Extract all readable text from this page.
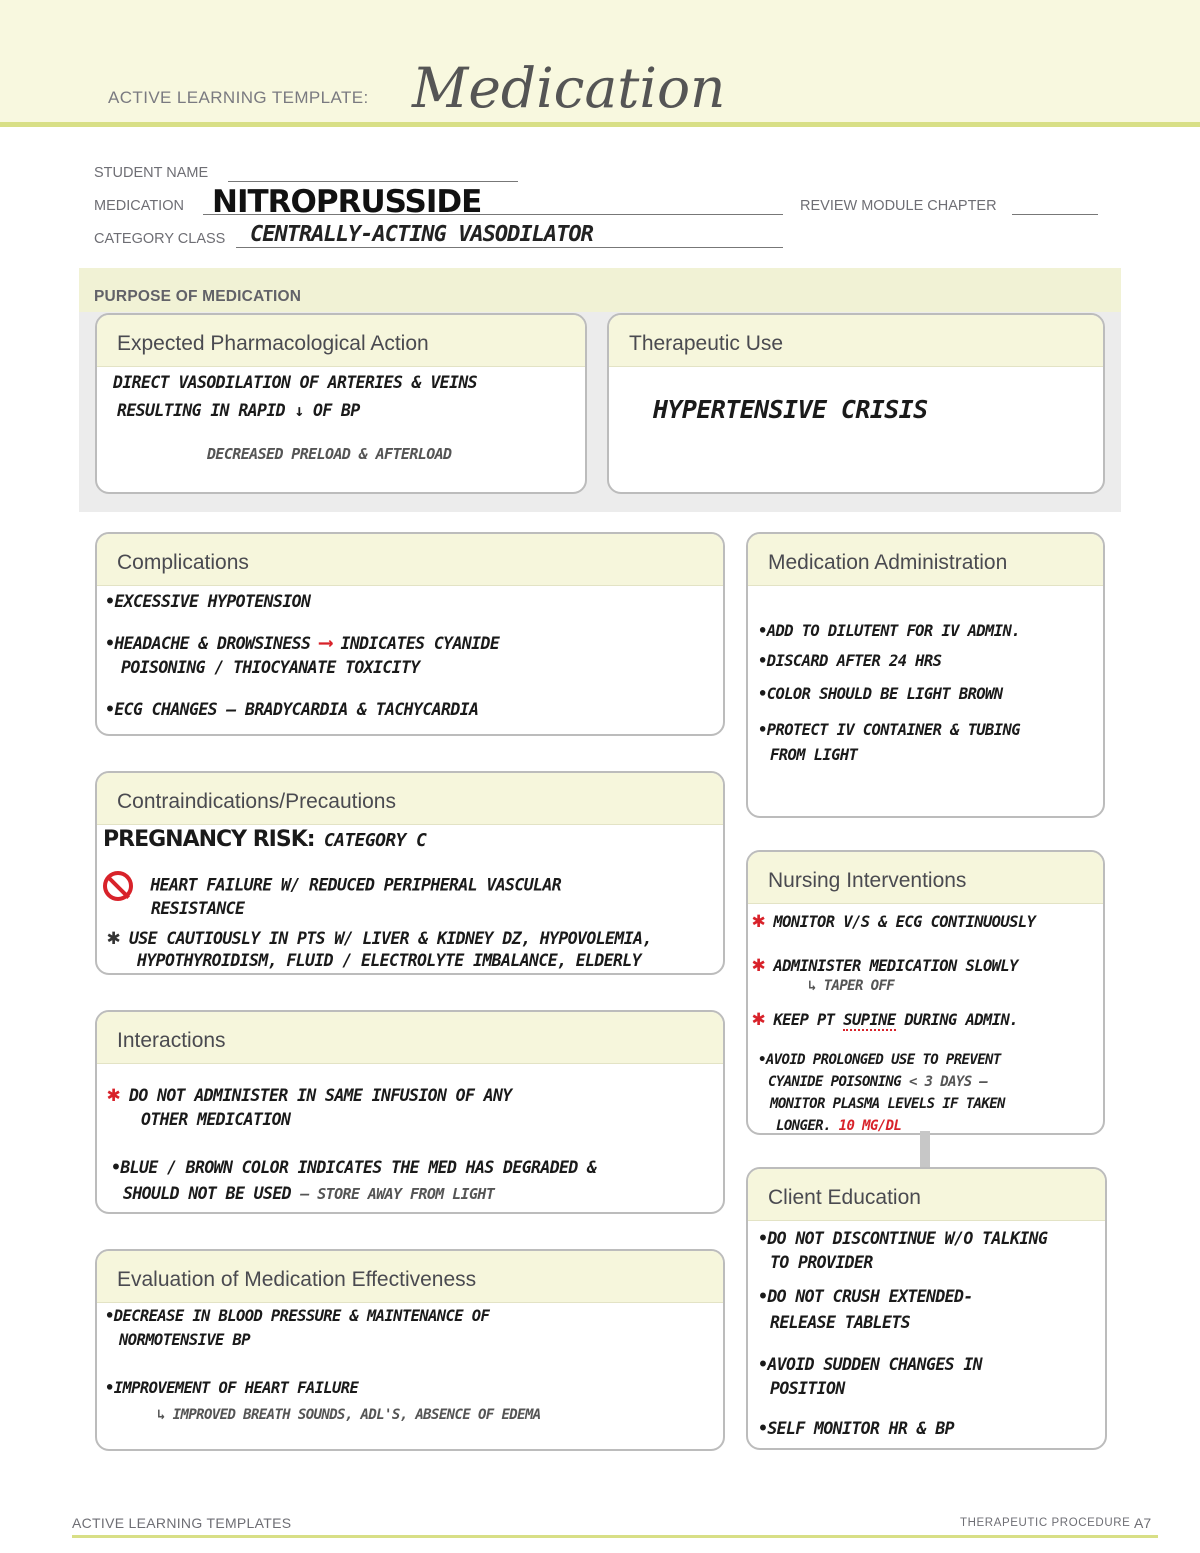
ACTIVE LEARNING TEMPLATE: Medication
STUDENT NAME
MEDICATION NITROPRUSSIDE	REVIEW MODULE CHAPTER
CATEGORY CLASS CENTRALLY-ACTING VASODILATOR
PURPOSE OF MEDICATION
Expected Pharmacological Action
DIRECT VASODILATION OF ARTERIES & VEINS
RESULTING IN RAPID ↓ OF BP
DECREASED PRELOAD & AFTERLOAD
Therapeutic Use
HYPERTENSIVE CRISIS
Complications
•EXCESSIVE HYPOTENSION
•HEADACHE & DROWSINESS ⟶ INDICATES CYANIDE
POISONING / THIOCYANATE TOXICITY
•ECG CHANGES — BRADYCARDIA & TACHYCARDIA
Medication Administration
•ADD TO DILUTENT FOR IV ADMIN.
•DISCARD AFTER 24 HRS
•COLOR SHOULD BE LIGHT BROWN
•PROTECT IV CONTAINER & TUBING
FROM LIGHT
Contraindications/Precautions
PREGNANCY RISK: CATEGORY C
HEART FAILURE W/ REDUCED PERIPHERAL VASCULAR
RESISTANCE
✱ USE CAUTIOUSLY IN PTS W/ LIVER & KIDNEY DZ, HYPOVOLEMIA,
HYPOTHYROIDISM, FLUID / ELECTROLYTE IMBALANCE, ELDERLY
Nursing Interventions
✱ MONITOR V/S & ECG CONTINUOUSLY
✱ ADMINISTER MEDICATION SLOWLY
↳ TAPER OFF
✱ KEEP PT SUPINE DURING ADMIN.
•AVOID PROLONGED USE TO PREVENT
CYANIDE POISONING < 3 DAYS —
MONITOR PLASMA LEVELS IF TAKEN
LONGER. 10 MG/DL
Interactions
✱ DO NOT ADMINISTER IN SAME INFUSION OF ANY
OTHER MEDICATION
•BLUE / BROWN COLOR INDICATES THE MED HAS DEGRADED &
SHOULD NOT BE USED — STORE AWAY FROM LIGHT	Client Education
•DO NOT DISCONTINUE W/O TALKING
TO PROVIDER
•DO NOT CRUSH EXTENDED-
RELEASE TABLETS
•AVOID SUDDEN CHANGES IN
POSITION
•SELF MONITOR HR & BP
Evaluation of Medication Effectiveness
•DECREASE IN BLOOD PRESSURE & MAINTENANCE OF
NORMOTENSIVE BP
•IMPROVEMENT OF HEART FAILURE
↳ IMPROVED BREATH SOUNDS, ADL'S, ABSENCE OF EDEMA
ACTIVE LEARNING TEMPLATES	THERAPEUTIC PROCEDURE A7
